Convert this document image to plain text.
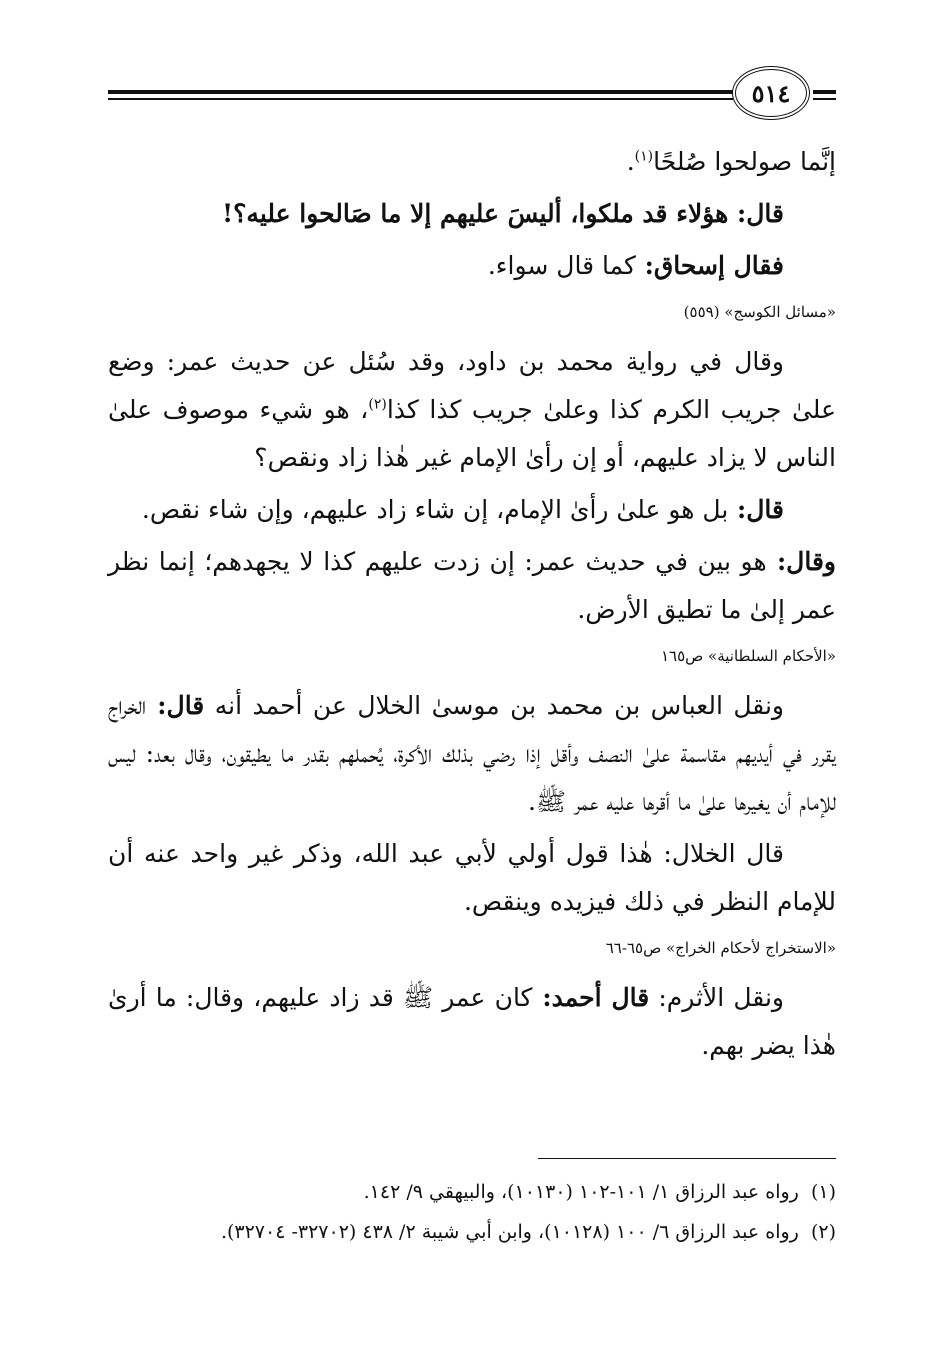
٥١٤

إنَّما صولحوا صُلحًا$^{(١)}$.

قال: هؤلاء قد ملكوا، أليسَ عليهم إلا ما صَالحوا عليه؟!

فقال إسحاق: كما قال سواء.

«مسائل الكوسج» (٥٥٩)

وقال في رواية محمد بن داود، وقد سُئل عن حديث عمر: وضع علىٰ جريب الكرم كذا وعلىٰ جريب كذا كذا$^{(٢)}$، هو شيء موصوف علىٰ الناس لا يزاد عليهم، أو إن رأىٰ الإمام غير هٰذا زاد ونقص؟

قال: بل هو علىٰ رأىٰ الإمام، إن شاء زاد عليهم، وإن شاء نقص.

وقال: هو بين في حديث عمر: إن زدت عليهم كذا لا يجهدهم؛ إنما نظر عمر إلىٰ ما تطيق الأرض.

«الأحكام السلطانية» ص١٦٥

ونقل العباس بن محمد بن موسىٰ الخلال عن أحمد أنه قال: الخراج يقرر في أيديهم مقاسمة علىٰ النصف وأقل إذا رضي بذلك الأكرة، يُحملهم بقدر ما يطيقون، وقال بعد: ليس للإمام أن يغيرها علىٰ ما أقرها عليه عمر ﷺ.

قال الخلال: هٰذا قول أولي لأبي عبد الله، وذكر غير واحد عنه أن للإمام النظر في ذلك فيزيده وينقص.

«الاستخراج لأحكام الخراج» ص٦٥-٦٦

ونقل الأثرم: قال أحمد: كان عمر ﷺ قد زاد عليهم، وقال: ما أرىٰ هٰذا يضر بهم.

(١)  رواه عبد الرزاق ١/ ١٠١-١٠٢ (١٠١٣٠)، والبيهقي ٩/ ١٤٢.
(٢)  رواه عبد الرزاق ٦/ ١٠٠ (١٠١٢٨)، وابن أبي شيبة ٢/ ٤٣٨ (٣٢٧٠٢- ٣٢٧٠٤).
